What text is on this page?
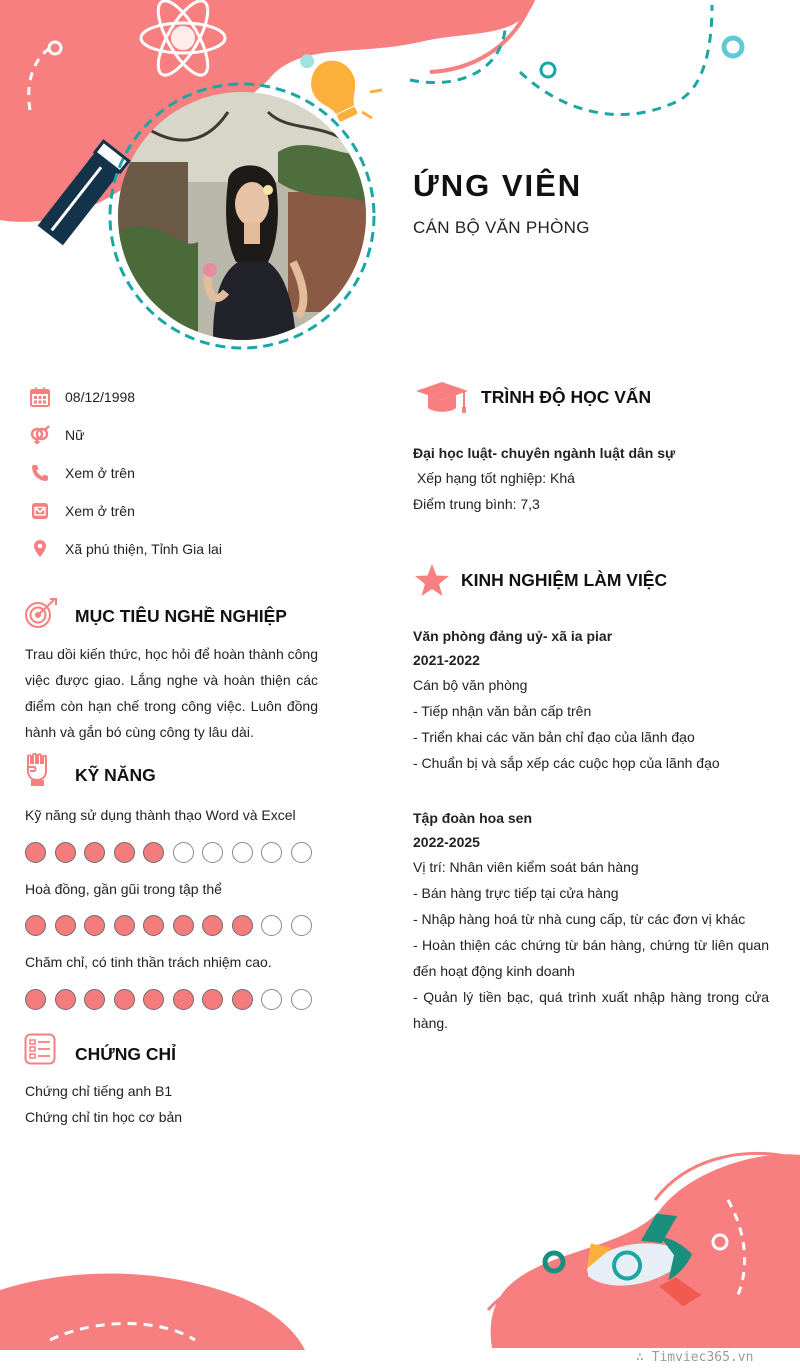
ỨNG VIÊN
CÁN BỘ VĂN PHÒNG
08/12/1998
Nữ
Xem ở trên
Xem ở trên
Xã phú thiện, Tỉnh Gia lai
MỤC TIÊU NGHỀ NGHIỆP
Trau dồi kiến thức, học hỏi để hoàn thành công việc được giao. Lắng nghe và hoàn thiện các điểm còn hạn chế trong công việc. Luôn đồng hành và gắn bó cùng công ty lâu dài.
KỸ NĂNG
Kỹ năng sử dụng thành thạo Word và Excel
Hoà đồng, gần gũi trong tập thể
Chăm chỉ, có tinh thần trách nhiệm cao.
CHỨNG CHỈ
Chứng chỉ tiếng anh B1
Chứng chỉ tin học cơ bản
TRÌNH ĐỘ HỌC VẤN
Đại học luật- chuyên ngành luật dân sự
Xếp hạng tốt nghiệp: Khá
Điểm trung bình: 7,3
KINH NGHIỆM LÀM VIỆC
Văn phòng đảng uỷ- xã ia piar
2021-2022
Cán bộ văn phòng
- Tiếp nhận văn bản cấp trên
- Triển khai các văn bản chỉ đạo của lãnh đạo
- Chuẩn bị và sắp xếp các cuộc họp của lãnh đạo
Tập đoàn hoa sen
2022-2025
Vị trí: Nhân viên kiểm soát bán hàng
- Bán hàng trực tiếp tại cửa hàng
- Nhập hàng hoá từ nhà cung cấp, từ các đơn vị khác
- Hoàn thiện các chứng từ bán hàng, chứng từ liên quan đến hoạt động kinh doanh
- Quản lý tiền bạc, quá trình xuất nhập hàng trong cửa hàng.
∴ Timviec365.vn
